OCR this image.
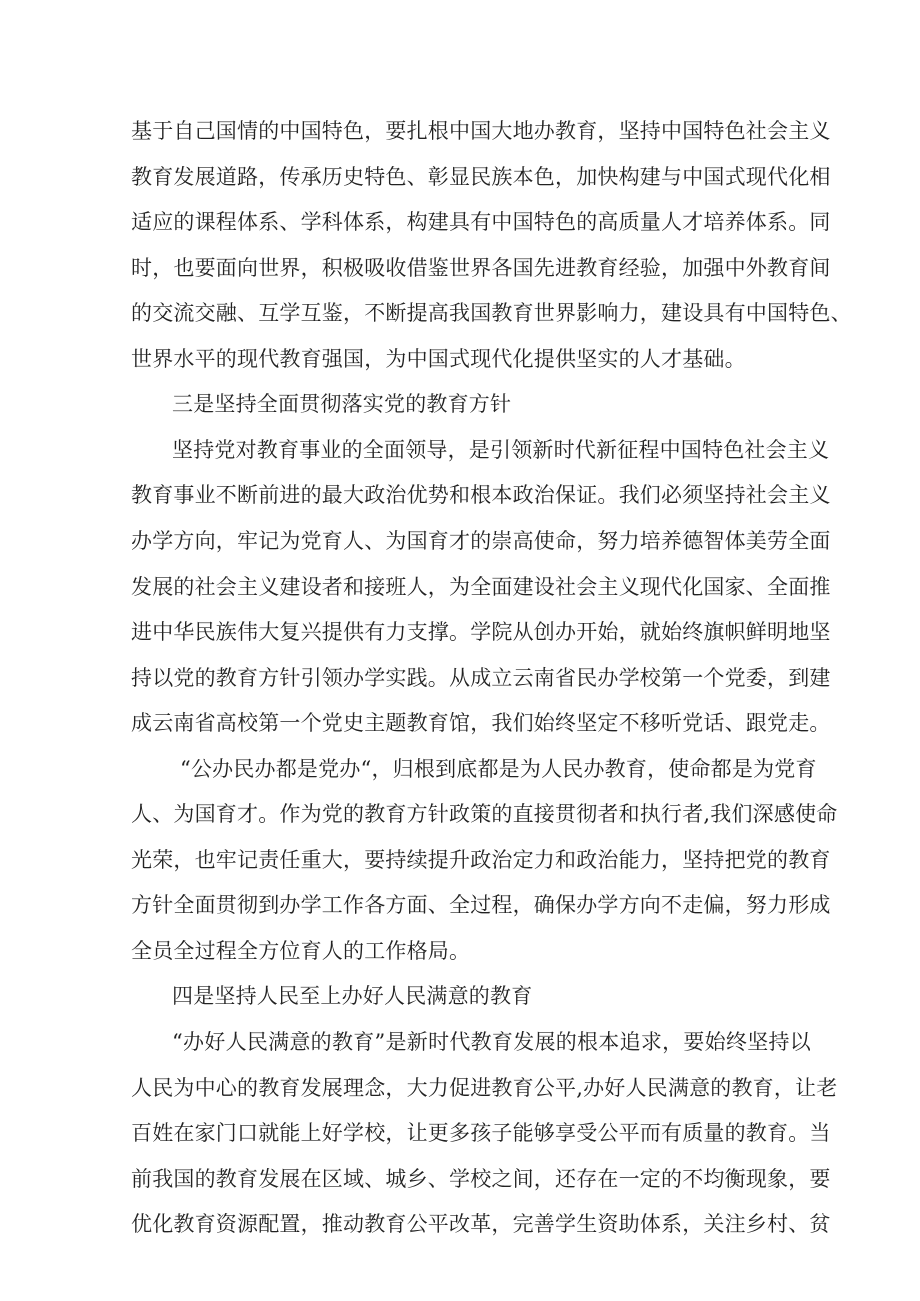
基于自己国情的中国特色，要扎根中国大地办教育，坚持中国特色社会主义
教育发展道路，传承历史特色、彰显民族本色，加快构建与中国式现代化相
适应的课程体系、学科体系，构建具有中国特色的高质量人才培养体系。同
时，也要面向世界，积极吸收借鉴世界各国先进教育经验，加强中外教育间
的交流交融、互学互鉴，不断提高我国教育世界影响力，建设具有中国特色、
世界水平的现代教育强国，为中国式现代化提供坚实的人才基础。
三是坚持全面贯彻落实党的教育方针
坚持党对教育事业的全面领导，是引领新时代新征程中国特色社会主义
教育事业不断前进的最大政治优势和根本政治保证。我们必须坚持社会主义
办学方向，牢记为党育人、为国育才的崇高使命，努力培养德智体美劳全面
发展的社会主义建设者和接班人，为全面建设社会主义现代化国家、全面推
进中华民族伟大复兴提供有力支撑。学院从创办开始，就始终旗帜鲜明地坚
持以党的教育方针引领办学实践。从成立云南省民办学校第一个党委，到建
成云南省高校第一个党史主题教育馆，我们始终坚定不移听党话、跟党走。
“公办民办都是党办“，归根到底都是为人民办教育，使命都是为党育
人、为国育才。作为党的教育方针政策的直接贯彻者和执行者,我们深感使命
光荣，也牢记责任重大，要持续提升政治定力和政治能力，坚持把党的教育
方针全面贯彻到办学工作各方面、全过程，确保办学方向不走偏，努力形成
全员全过程全方位育人的工作格局。
四是坚持人民至上办好人民满意的教育
“办好人民满意的教育”是新时代教育发展的根本追求，要始终坚持以
人民为中心的教育发展理念，大力促进教育公平,办好人民满意的教育，让老
百姓在家门口就能上好学校，让更多孩子能够享受公平而有质量的教育。当
前我国的教育发展在区域、城乡、学校之间，还存在一定的不均衡现象，要
优化教育资源配置，推动教育公平改革，完善学生资助体系，关注乡村、贫
